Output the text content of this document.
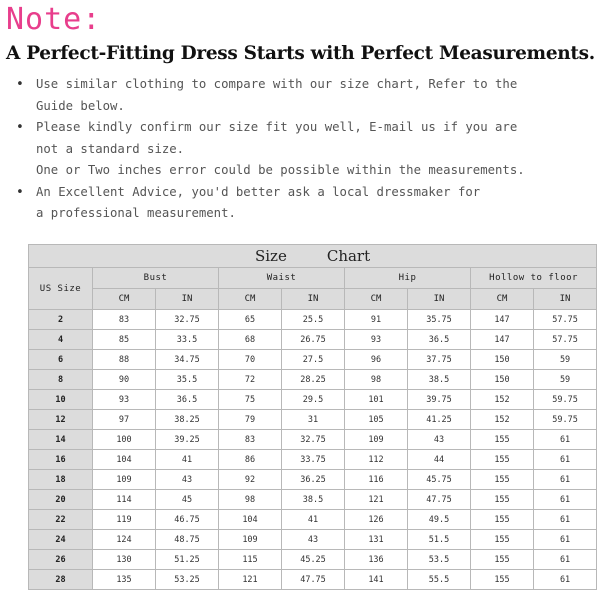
Note:
A Perfect-Fitting Dress Starts with Perfect Measurements.
• Use similar clothing to compare with our size chart, Refer to the
Guide below.
• Please kindly confirm our size fit you well, E-mail us if you are
not a standard size.
One or Two inches error could be possible within the measurements.
• An Excellent Advice, you'd better ask a local dressmaker for
a professional measurement.
Size Chart								
US Size	Bust		Waist		Hip		Hollow to floor	
	CM	IN	CM	IN	CM	IN	CM	IN
2	83	32.75	65	25.5	91	35.75	147	57.75
4	85	33.5	68	26.75	93	36.5	147	57.75
6	88	34.75	70	27.5	96	37.75	150	59
8	90	35.5	72	28.25	98	38.5	150	59
10	93	36.5	75	29.5	101	39.75	152	59.75
12	97	38.25	79	31	105	41.25	152	59.75
14	100	39.25	83	32.75	109	43	155	61
16	104	41	86	33.75	112	44	155	61
18	109	43	92	36.25	116	45.75	155	61
20	114	45	98	38.5	121	47.75	155	61
22	119	46.75	104	41	126	49.5	155	61
24	124	48.75	109	43	131	51.5	155	61
26	130	51.25	115	45.25	136	53.5	155	61
28	135	53.25	121	47.75	141	55.5	155	61
